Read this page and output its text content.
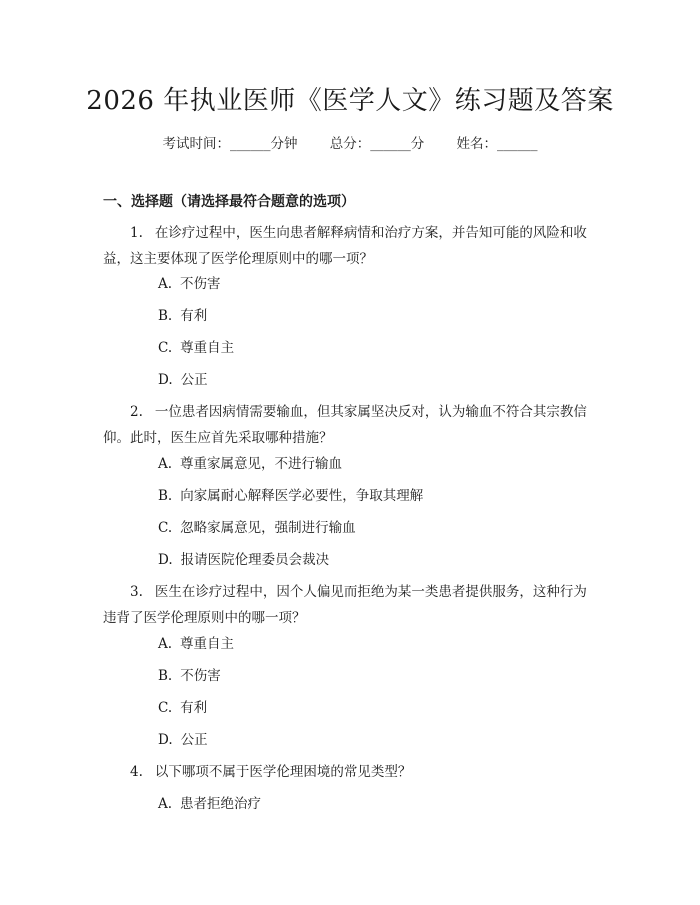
2026 年执业医师《医学人文》练习题及答案
考试时间：______分钟 总分：______分 姓名：______
一、选择题（请选择最符合题意的选项）
1. 在诊疗过程中，医生向患者解释病情和治疗方案，并告知可能的风险和收益，这主要体现了医学伦理原则中的哪一项？
A. 不伤害
B. 有利
C. 尊重自主
D. 公正
2. 一位患者因病情需要输血，但其家属坚决反对，认为输血不符合其宗教信仰。此时，医生应首先采取哪种措施？
A. 尊重家属意见，不进行输血
B. 向家属耐心解释医学必要性，争取其理解
C. 忽略家属意见，强制进行输血
D. 报请医院伦理委员会裁决
3. 医生在诊疗过程中，因个人偏见而拒绝为某一类患者提供服务，这种行为违背了医学伦理原则中的哪一项？
A. 尊重自主
B. 不伤害
C. 有利
D. 公正
4. 以下哪项不属于医学伦理困境的常见类型？
A. 患者拒绝治疗
